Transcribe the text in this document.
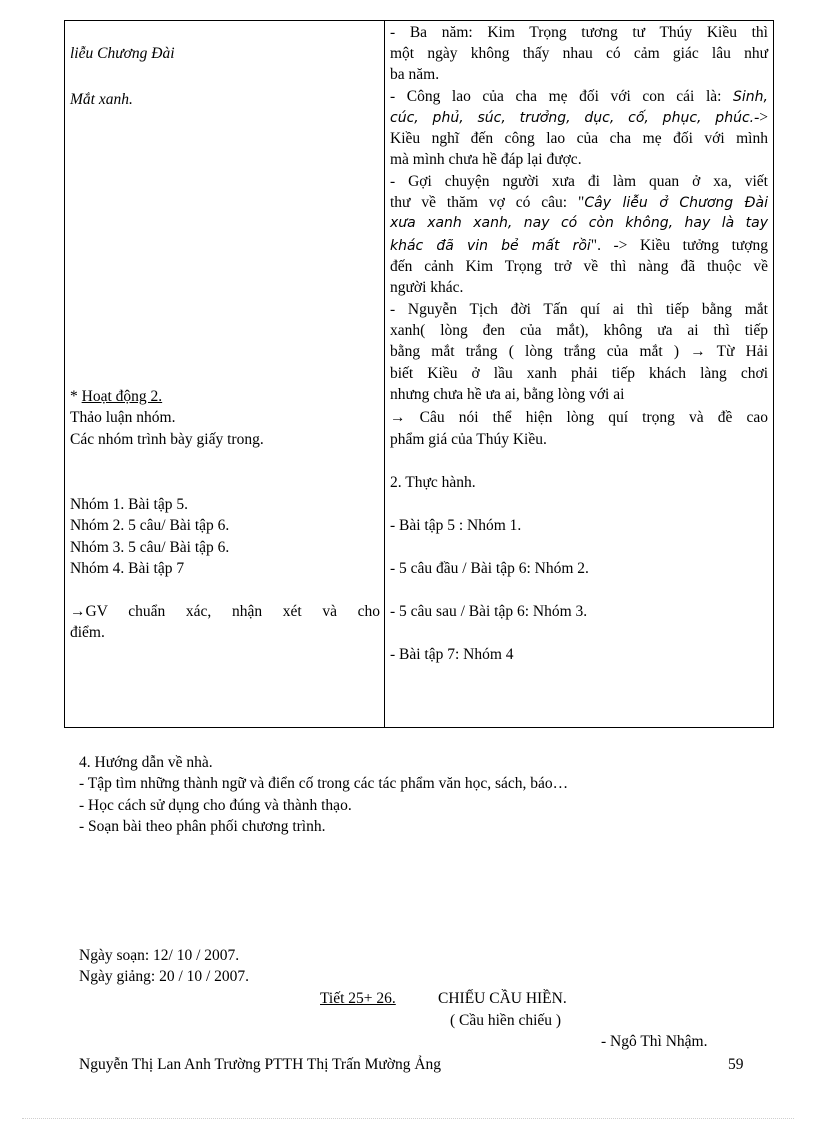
liễu Chương Đài
Mắt xanh.
* Hoạt động 2.
Thảo luận nhóm.
Các nhóm trình bày giấy trong.
Nhóm 1. Bài tập 5.
Nhóm 2. 5 câu/ Bài tập 6.
Nhóm 3. 5 câu/ Bài tập 6.
Nhóm 4. Bài tập 7
→GV chuẩn xác, nhận xét và cho
điểm.
- Ba năm: Kim Trọng tương tư Thúy Kiều thì
một ngày không thấy nhau có cảm giác lâu như
ba năm.
- Công lao của cha mẹ đối với con cái là: Sinh,
cúc, phủ, súc, trưởng, dục, cố, phục, phúc.->
Kiều nghĩ đến công lao của cha mẹ đối với mình
mà mình chưa hề đáp lại được.
- Gợi chuyện người xưa đi làm quan ở xa, viết
thư về thăm vợ có câu: "Cây liễu ở Chương Đài
xưa xanh xanh, nay có còn không, hay là tay
khác đã vin bẻ mất rồi". -> Kiều tưởng tượng
đến cảnh Kim Trọng trở về thì nàng đã thuộc về
người khác.
- Nguyễn Tịch đời Tấn quí ai thì tiếp bằng mắt
xanh( lòng đen của mắt), không ưa ai thì tiếp
bằng mắt trắng ( lòng trắng của mắt ) → Từ Hải
biết Kiều ở lầu xanh phải tiếp khách làng chơi
nhưng chưa hề ưa ai, bằng lòng với ai
→ Câu nói thể hiện lòng quí trọng và đề cao
phẩm giá của Thúy Kiều.
2. Thực hành.
- Bài tập 5 : Nhóm 1.
- 5 câu đầu / Bài tập 6: Nhóm 2.
- 5 câu sau / Bài tập 6: Nhóm 3.
- Bài tập 7: Nhóm 4
4. Hướng dẫn về nhà.
- Tập tìm những thành ngữ và điển cố trong các tác phẩm văn học, sách, báo…
- Học cách sử dụng cho đúng và thành thạo.
- Soạn bài theo phân phối chương trình.
Ngày soạn: 12/ 10 / 2007.
Ngày giảng: 20 / 10 / 2007.
Tiết 25+ 26.	CHIẾU CẦU HIỀN.
( Cầu hiền chiếu )
- Ngô Thì Nhậm.
Nguyễn Thị Lan Anh Trường PTTH Thị Trấn Mường Ảng	59
